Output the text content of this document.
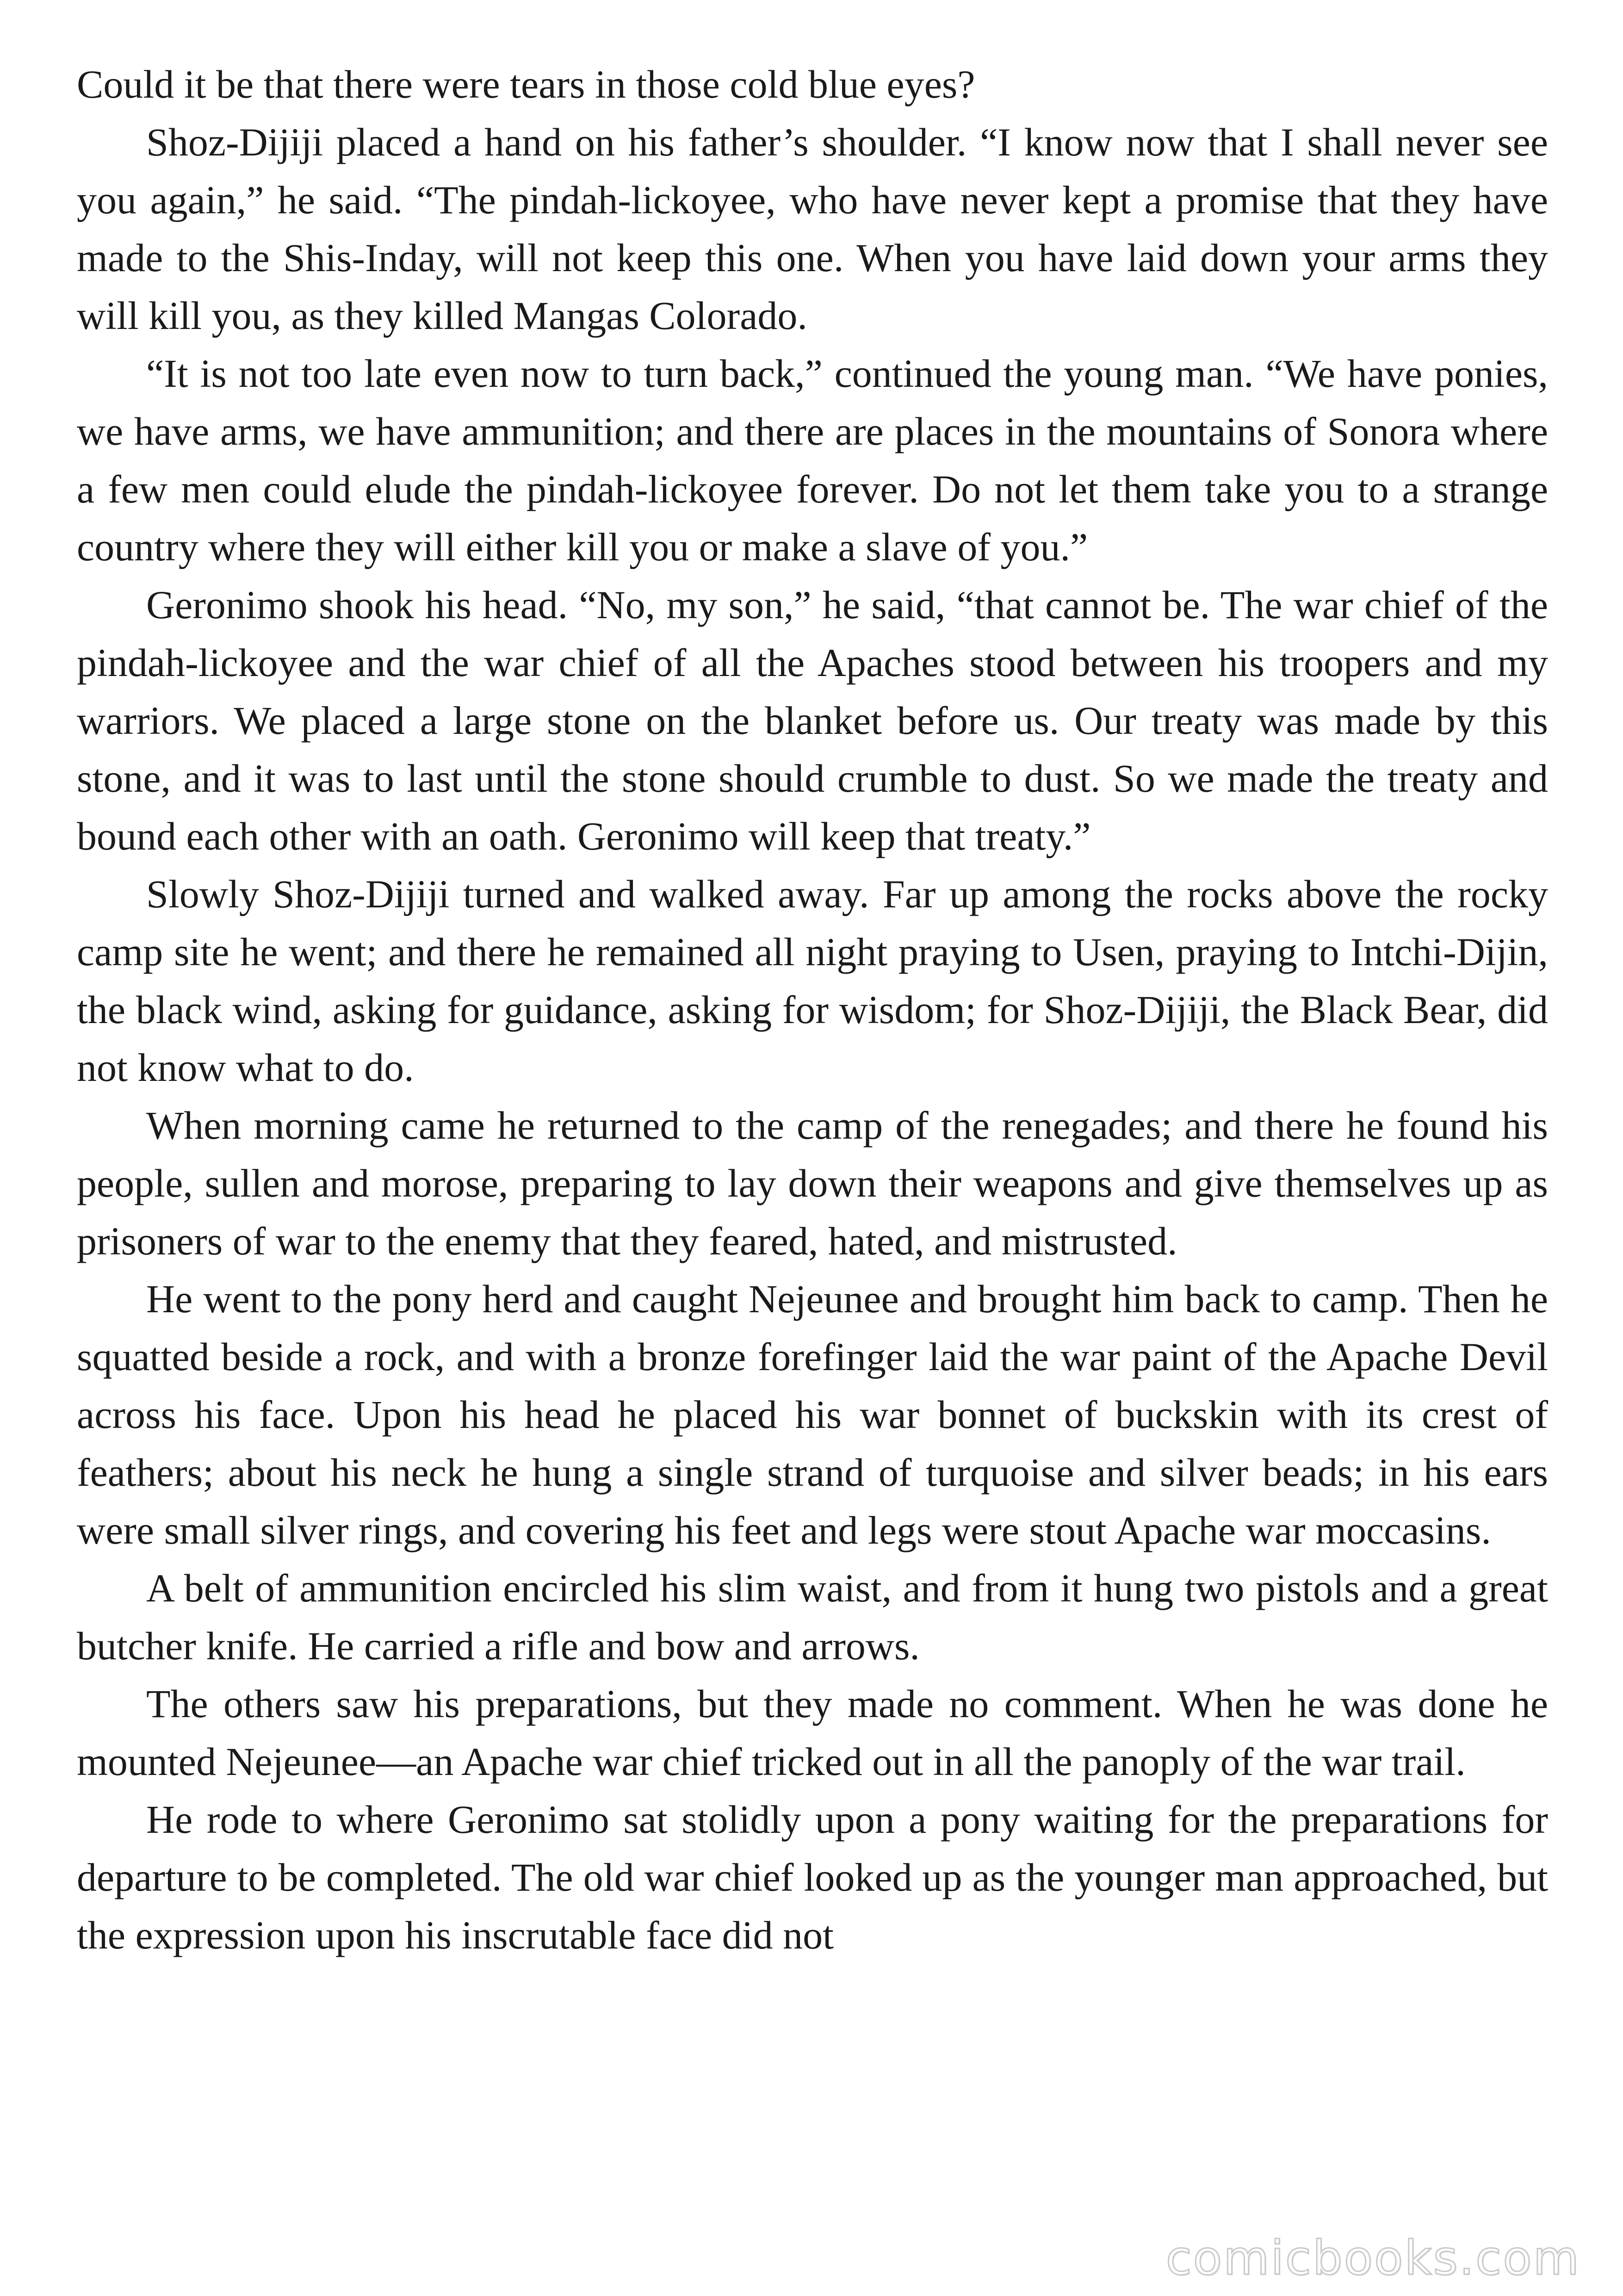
Could it be that there were tears in those cold blue eyes?

Shoz-Dijiji placed a hand on his father’s shoulder. “I know now that I shall never see you again,” he said. “The pindah-lickoyee, who have never kept a promise that they have made to the Shis-Inday, will not keep this one. When you have laid down your arms they will kill you, as they killed Mangas Colorado.

“It is not too late even now to turn back,” continued the young man. “We have ponies, we have arms, we have ammunition; and there are places in the mountains of Sonora where a few men could elude the pindah-lickoyee forever. Do not let them take you to a strange country where they will either kill you or make a slave of you.”

Geronimo shook his head. “No, my son,” he said, “that cannot be. The war chief of the pindah-lickoyee and the war chief of all the Apaches stood between his troopers and my warriors. We placed a large stone on the blanket before us. Our treaty was made by this stone, and it was to last until the stone should crumble to dust. So we made the treaty and bound each other with an oath. Geronimo will keep that treaty.”

Slowly Shoz-Dijiji turned and walked away. Far up among the rocks above the rocky camp site he went; and there he remained all night praying to Usen, praying to Intchi-Dijin, the black wind, asking for guidance, asking for wisdom; for Shoz-Dijiji, the Black Bear, did not know what to do.

When morning came he returned to the camp of the renegades; and there he found his people, sullen and morose, preparing to lay down their weapons and give themselves up as prisoners of war to the enemy that they feared, hated, and mistrusted.

He went to the pony herd and caught Nejeunee and brought him back to camp. Then he squatted beside a rock, and with a bronze forefinger laid the war paint of the Apache Devil across his face. Upon his head he placed his war bonnet of buckskin with its crest of feathers; about his neck he hung a single strand of turquoise and silver beads; in his ears were small silver rings, and covering his feet and legs were stout Apache war moccasins.

A belt of ammunition encircled his slim waist, and from it hung two pistols and a great butcher knife. He carried a rifle and bow and arrows.

The others saw his preparations, but they made no comment. When he was done he mounted Nejeunee—an Apache war chief tricked out in all the panoply of the war trail.

He rode to where Geronimo sat stolidly upon a pony waiting for the preparations for departure to be completed. The old war chief looked up as the younger man approached, but the expression upon his inscrutable face did not

comicbooks.com
